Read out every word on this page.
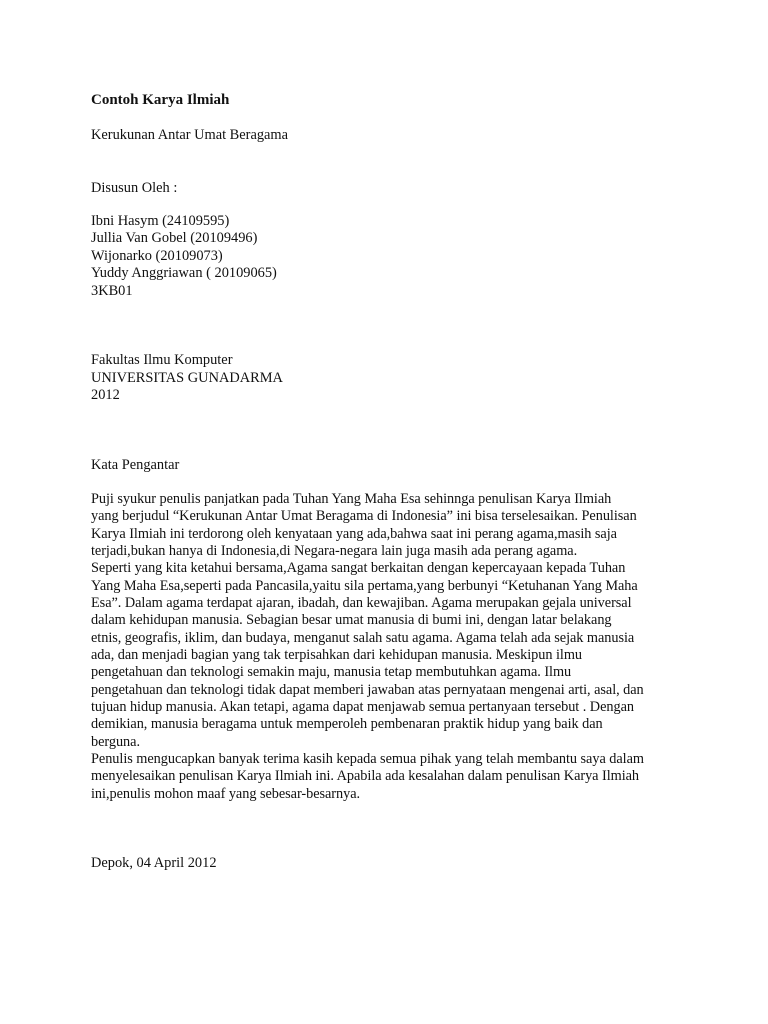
Contoh Karya Ilmiah
Kerukunan Antar Umat Beragama
Disusun Oleh :
Ibni Hasym (24109595)
Jullia Van Gobel (20109496)
Wijonarko (20109073)
Yuddy Anggriawan ( 20109065)
3KB01
Fakultas Ilmu Komputer
UNIVERSITAS GUNADARMA
2012
Kata Pengantar
Puji syukur penulis panjatkan pada Tuhan Yang Maha Esa sehinnga penulisan Karya Ilmiah
yang berjudul “Kerukunan Antar Umat Beragama di Indonesia” ini bisa terselesaikan. Penulisan
Karya Ilmiah ini terdorong oleh kenyataan yang ada,bahwa saat ini perang agama,masih saja
terjadi,bukan hanya di Indonesia,di Negara-negara lain juga masih ada perang agama.
Seperti yang kita ketahui bersama,Agama sangat berkaitan dengan kepercayaan kepada Tuhan
Yang Maha Esa,seperti pada Pancasila,yaitu sila pertama,yang berbunyi “Ketuhanan Yang Maha
Esa”. Dalam agama terdapat ajaran, ibadah, dan kewajiban. Agama merupakan gejala universal
dalam kehidupan manusia. Sebagian besar umat manusia di bumi ini, dengan latar belakang
etnis, geografis, iklim, dan budaya, menganut salah satu agama. Agama telah ada sejak manusia
ada, dan menjadi bagian yang tak terpisahkan dari kehidupan manusia. Meskipun ilmu
pengetahuan dan teknologi semakin maju, manusia tetap membutuhkan agama. Ilmu
pengetahuan dan teknologi tidak dapat memberi jawaban atas pernyataan mengenai arti, asal, dan
tujuan hidup manusia. Akan tetapi, agama dapat menjawab semua pertanyaan tersebut . Dengan
demikian, manusia beragama untuk memperoleh pembenaran praktik hidup yang baik dan
berguna.
Penulis mengucapkan banyak terima kasih kepada semua pihak yang telah membantu saya dalam
menyelesaikan penulisan Karya Ilmiah ini. Apabila ada kesalahan dalam penulisan Karya Ilmiah
ini,penulis mohon maaf yang sebesar-besarnya.
Depok, 04 April 2012
